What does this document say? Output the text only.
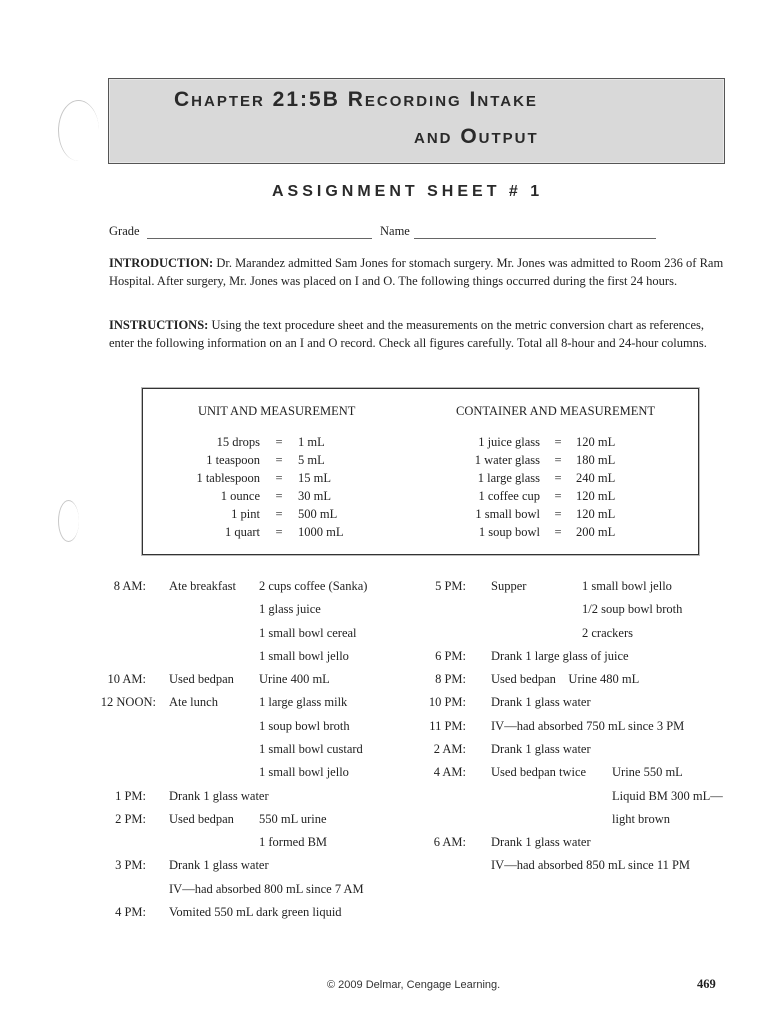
Chapter 21:5B Recording Intake
and Output
ASSIGNMENT SHEET # 1
Grade	Name
INTRODUCTION: Dr. Marandez admitted Sam Jones for stomach surgery. Mr. Jones was admitted to Room 236 of Ram Hospital. After surgery, Mr. Jones was placed on I and O. The following things occurred during the first 24 hours.
INSTRUCTIONS: Using the text procedure sheet and the measurements on the metric conversion chart as references, enter the following information on an I and O record. Check all figures carefully. Total all 8-hour and 24-hour columns.
UNIT AND MEASUREMENT	CONTAINER AND MEASUREMENT
15 drops = 1 mL
1 teaspoon = 5 mL
1 tablespoon = 15 mL
1 ounce = 30 mL
1 pint = 500 mL
1 quart = 1000 mL
1 juice glass = 120 mL
1 water glass = 180 mL
1 large glass = 240 mL
1 coffee cup = 120 mL
1 small bowl = 120 mL
1 soup bowl = 200 mL
8 AM: Ate breakfast 2 cups coffee (Sanka)
1 glass juice
1 small bowl cereal
1 small bowl jello
10 AM: Used bedpan Urine 400 mL
12 NOON: Ate lunch	1 large glass milk
1 soup bowl broth
1 small bowl custard
1 small bowl jello
1 PM: Drank 1 glass water
2 PM: Used bedpan 550 mL urine
1 formed BM
3 PM: Drank 1 glass water
IV—had absorbed 800 mL since 7 AM
4 PM: Vomited 550 mL dark green liquid
5 PM: Supper	1 small bowl jello
1/2 soup bowl broth
2 crackers
6 PM: Drank 1 large glass of juice
8 PM: Used bedpan    Urine 480 mL
10 PM: Drank 1 glass water
11 PM: IV—had absorbed 750 mL since 3 PM
2 AM: Drank 1 glass water
4 AM: Used bedpan twice Urine 550 mL
Liquid BM 300 mL—
light brown
6 AM: Drank 1 glass water
IV—had absorbed 850 mL since 11 PM
© 2009 Delmar, Cengage Learning.	469
